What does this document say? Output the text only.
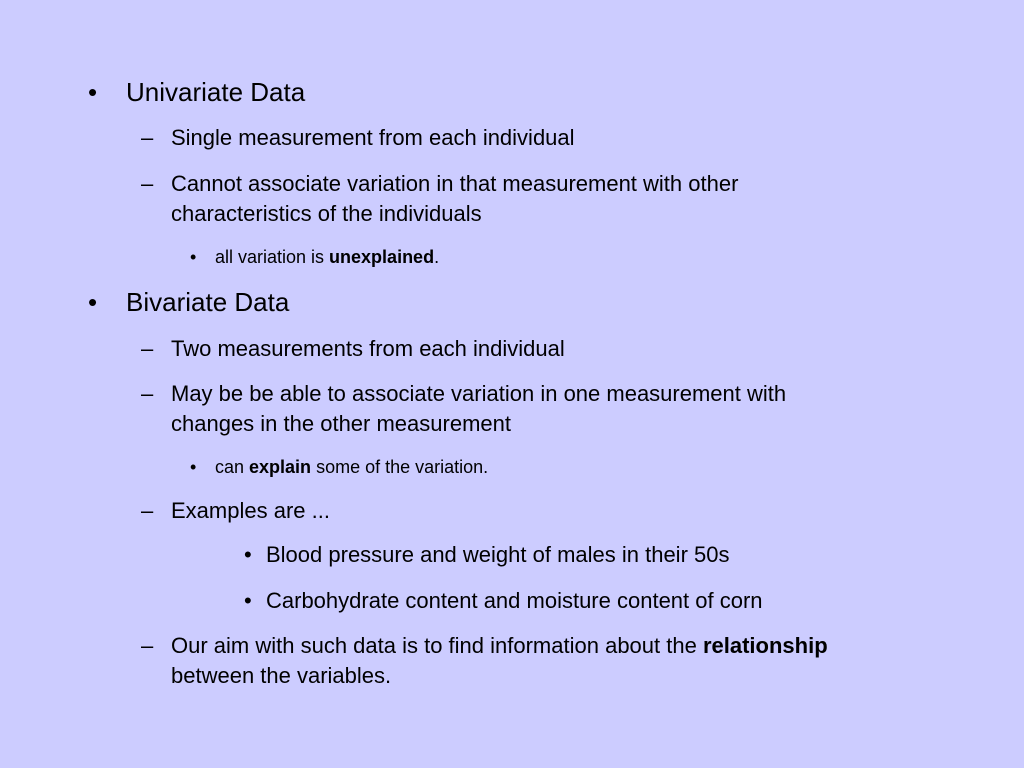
• Univariate Data
– Single measurement from each individual
– Cannot associate variation in that measurement with other
characteristics of the individuals
• all variation is unexplained.
• Bivariate Data
– Two measurements from each individual
– May be be able to associate variation in one measurement with
changes in the other measurement
• can explain some of the variation.
– Examples are ...
• Blood pressure and weight of males in their 50s
• Carbohydrate content and moisture content of corn
– Our aim with such data is to find information about the relationship
between the variables.
